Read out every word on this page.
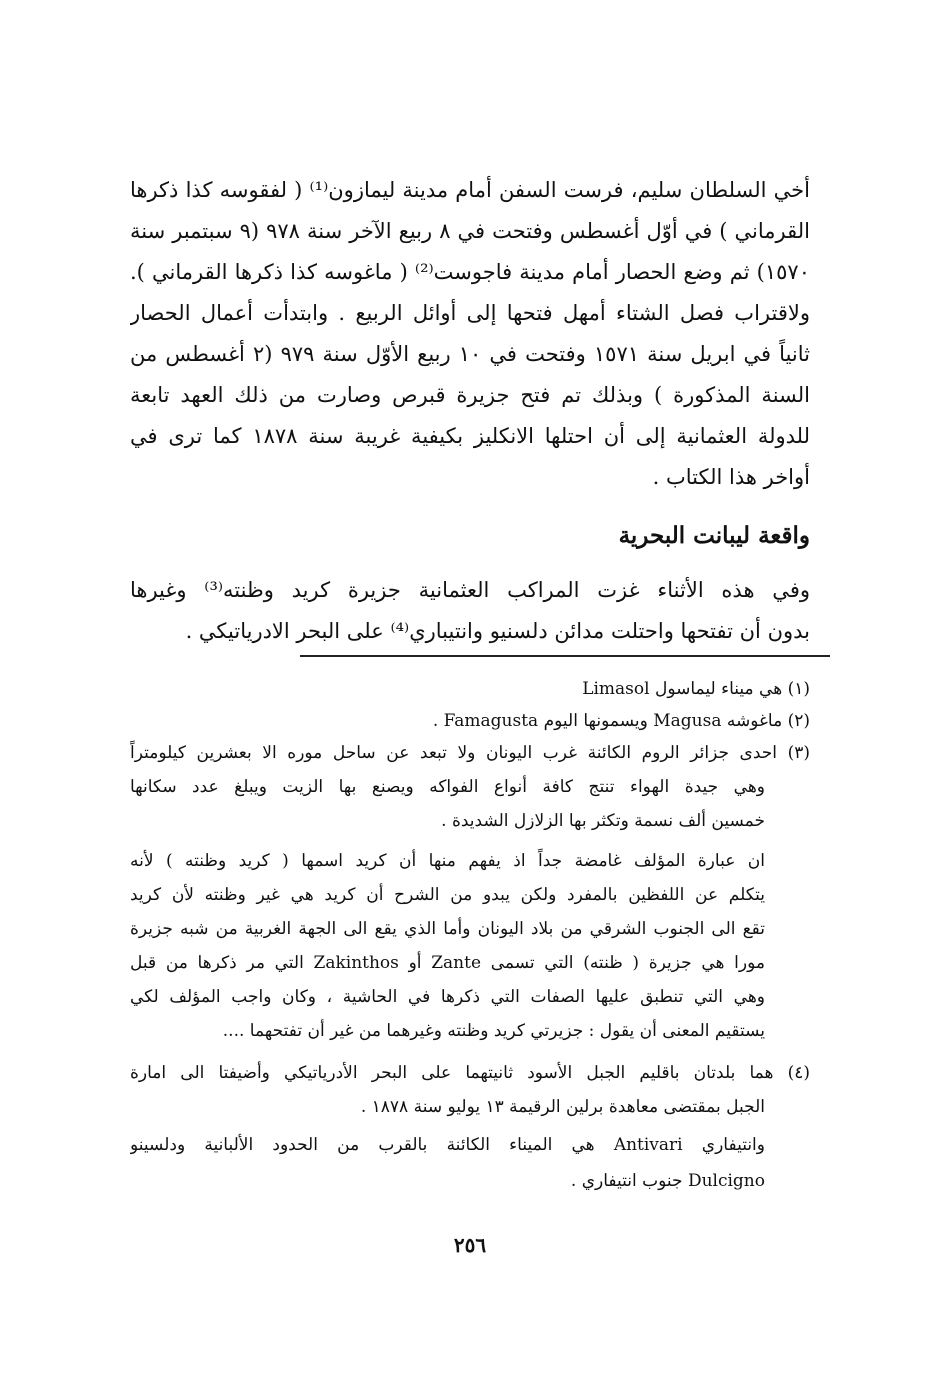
أخي السلطان سليم، فرست السفن أمام مدينة ليمازون⁽¹⁾ ( لفقوسه كذا ذكرها
القرماني ) في أوّل أغسطس وفتحت في ٨ ربيع الآخر سنة ٩٧٨ (٩ سبتمبر سنة
١٥٧٠) ثم وضع الحصار أمام مدينة فاجوست⁽²⁾ ( ماغوسه كذا ذكرها القرماني ).
ولاقتراب فصل الشتاء أمهل فتحها إلى أوائل الربيع . وابتدأت أعمال الحصار
ثانياً في ابريل سنة ١٥٧١ وفتحت في ١٠ ربيع الأوّل سنة ٩٧٩ (٢ أغسطس من
السنة المذكورة ) وبذلك تم فتح جزيرة قبرص وصارت من ذلك العهد تابعة
للدولة العثمانية إلى أن احتلها الانكليز بكيفية غريبة سنة ١٨٧٨ كما ترى في
أواخر هذا الكتاب .
واقعة ليبانت البحرية
وفي هذه الأثناء غزت المراكب العثمانية جزيرة كريد وظنته⁽³⁾ وغيرها
بدون أن تفتحها واحتلت مدائن دلسنيو وانتيباري⁽⁴⁾ على البحر الادرياتيكي .
(١) هي ميناء ليماسول Limasol
(٢) ماغوشه Magusa ويسمونها اليوم Famagusta .
(٣) احدى جزائر الروم الكائنة غرب اليونان ولا تبعد عن ساحل موره الا بعشرين كيلومتراً
وهي جيدة الهواء تنتج كافة أنواع الفواكه ويصنع بها الزيت ويبلغ عدد سكانها
خمسين ألف نسمة وتكثر بها الزلازل الشديدة .
ان عبارة المؤلف غامضة جداً اذ يفهم منها أن كريد اسمها ( كريد وظنته ) لأنه
يتكلم عن اللفظين بالمفرد ولكن يبدو من الشرح أن كريد هي غير وظنته لأن كريد
تقع الى الجنوب الشرقي من بلاد اليونان وأما الذي يقع الى الجهة الغربية من شبه جزيرة
مورا هي جزيرة ( ظنته) التي تسمى Zante أو Zakinthos التي مر ذكرها من قبل
وهي التي تنطبق عليها الصفات التي ذكرها في الحاشية ، وكان واجب المؤلف لكي
يستقيم المعنى أن يقول : جزيرتي كريد وظنته وغيرهما من غير أن تفتحهما ....
(٤) هما بلدتان باقليم الجبل الأسود ثانيتهما على البحر الأدرياتيكي وأضيفتا الى امارة
الجبل بمقتضى معاهدة برلين الرقيمة ١٣ يوليو سنة ١٨٧٨ .
وانتيفاري Antivari هي الميناء الكائنة بالقرب من الحدود الألبانية ودلسينو
Dulcigno جنوب انتيفاري .
٢٥٦
